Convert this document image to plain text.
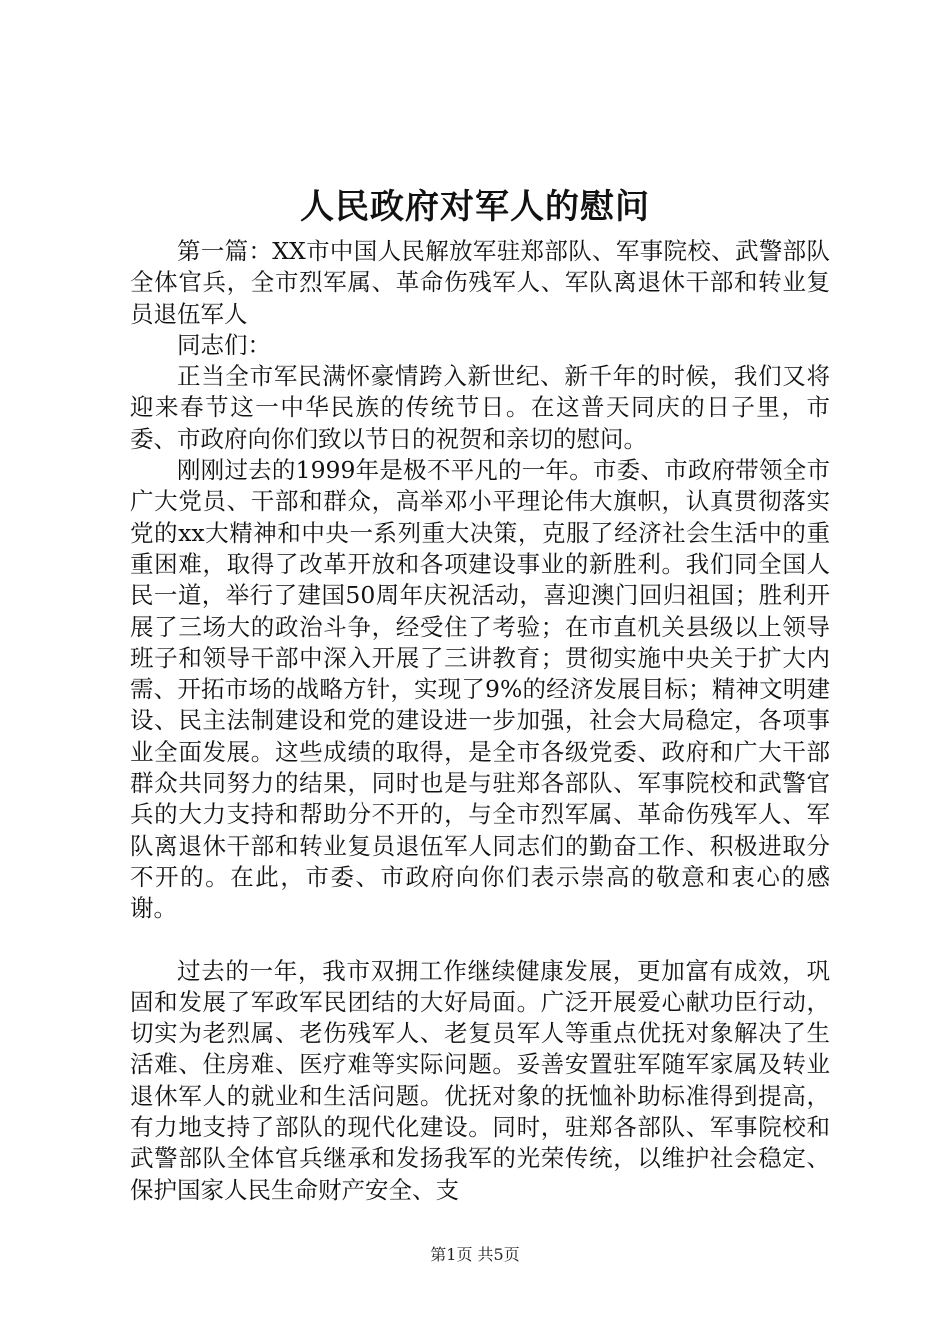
人民政府对军人的慰问

第一篇：XX市中国人民解放军驻郑部队、军事院校、武警部队全体官兵，全市烈军属、革命伤残军人、军队离退休干部和转业复员退伍军人

同志们：

正当全市军民满怀豪情跨入新世纪、新千年的时候，我们又将迎来春节这一中华民族的传统节日。在这普天同庆的日子里，市委、市政府向你们致以节日的祝贺和亲切的慰问。

刚刚过去的1999年是极不平凡的一年。市委、市政府带领全市广大党员、干部和群众，高举邓小平理论伟大旗帜，认真贯彻落实党的xx大精神和中央一系列重大决策，克服了经济社会生活中的重重困难，取得了改革开放和各项建设事业的新胜利。我们同全国人民一道，举行了建国50周年庆祝活动，喜迎澳门回归祖国；胜利开展了三场大的政治斗争，经受住了考验；在市直机关县级以上领导班子和领导干部中深入开展了三讲教育；贯彻实施中央关于扩大内需、开拓市场的战略方针，实现了9%的经济发展目标；精神文明建设、民主法制建设和党的建设进一步加强，社会大局稳定，各项事业全面发展。这些成绩的取得，是全市各级党委、政府和广大干部群众共同努力的结果，同时也是与驻郑各部队、军事院校和武警官兵的大力支持和帮助分不开的，与全市烈军属、革命伤残军人、军队离退休干部和转业复员退伍军人同志们的勤奋工作、积极进取分不开的。在此，市委、市政府向你们表示崇高的敬意和衷心的感谢。

过去的一年，我市双拥工作继续健康发展，更加富有成效，巩固和发展了军政军民团结的大好局面。广泛开展爱心献功臣行动，切实为老烈属、老伤残军人、老复员军人等重点优抚对象解决了生活难、住房难、医疗难等实际问题。妥善安置驻军随军家属及转业退休军人的就业和生活问题。优抚对象的抚恤补助标准得到提高，有力地支持了部队的现代化建设。同时，驻郑各部队、军事院校和武警部队全体官兵继承和发扬我军的光荣传统，以维护社会稳定、保护国家人民生命财产安全、支

第1页 共5页
